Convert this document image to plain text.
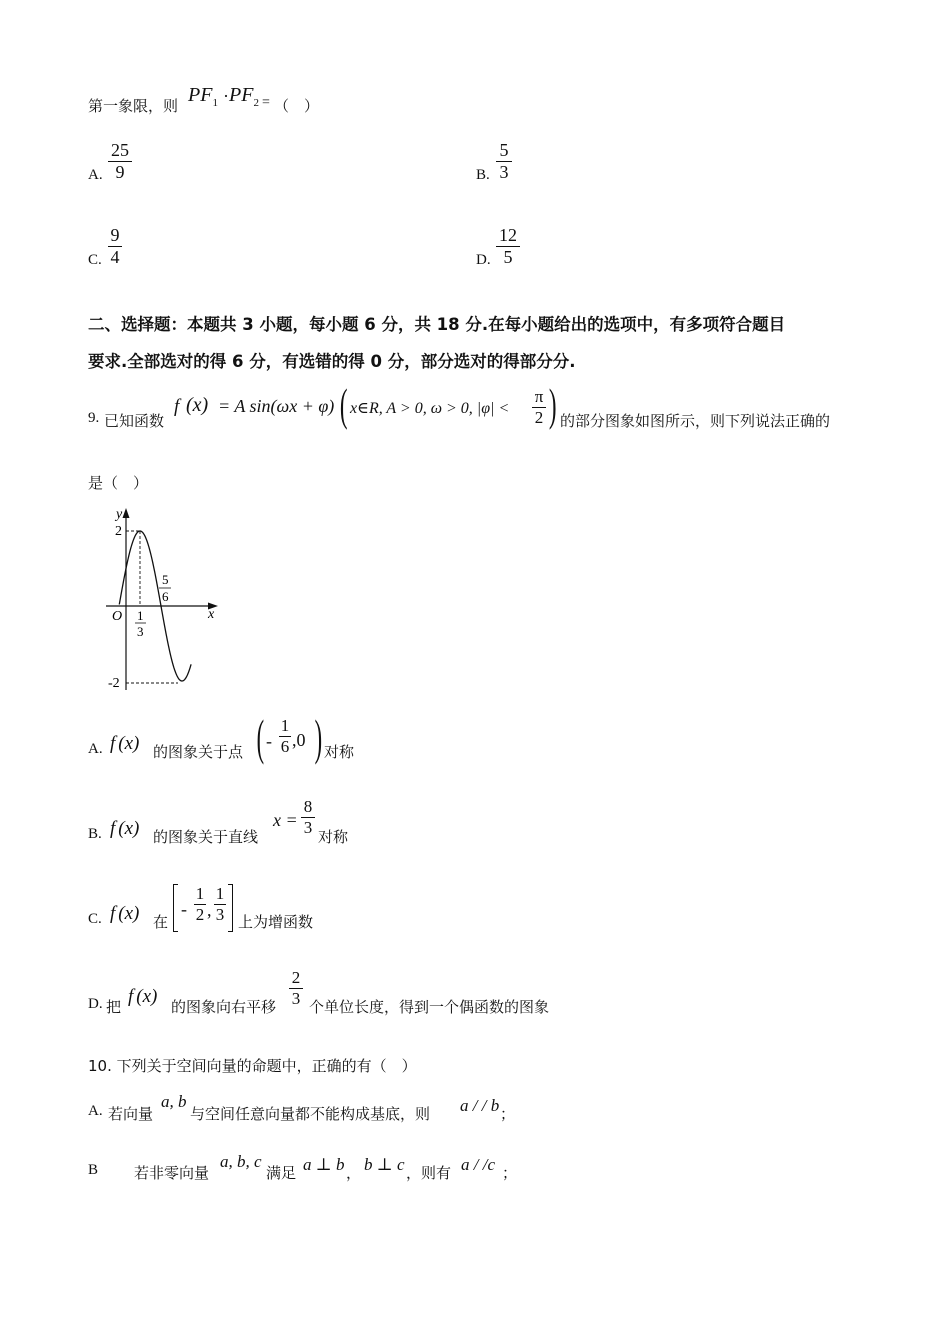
第一象限，则 $PF_1 \cdot PF_2$ = （　）
A.
25
9	B.
5
3
C.
9
4	D.
12
5
二、选择题：本题共 3 小题，每小题 6 分，共 18 分.在每小题给出的选项中，有多项符合题目
要求.全部选对的得 6 分，有选错的得 0 分，部分选对的得部分分.
9. 已知函数
f (x) = A sin(ωx + φ) ( x∈R, A > 0, ω > 0, |φ| <
π
2 ) 的部分图象如图所示，则下列说法正确的
是（　）
y
x
O
2
-2
1
3
5
6
A. f (x) 的图象关于点 ( -
1
6 ,0 ) 对称
B. f (x) 的图象关于直线
x =
8
3 对称
C. f (x) 在
-
1
2 ,
1
3 上为增函数
D. 把 f (x) 的图象向右平移
2
3 个单位长度，得到一个偶函数的图象
10. 下列关于空间向量的命题中，正确的有（　）
A. 若向量
a, b
与空间任意向量都不能构成基底，则 a / / b ；
B 若非零向量
a, b, c
满足 a ⊥ b ， b ⊥ c ，则有 a / /c ；
